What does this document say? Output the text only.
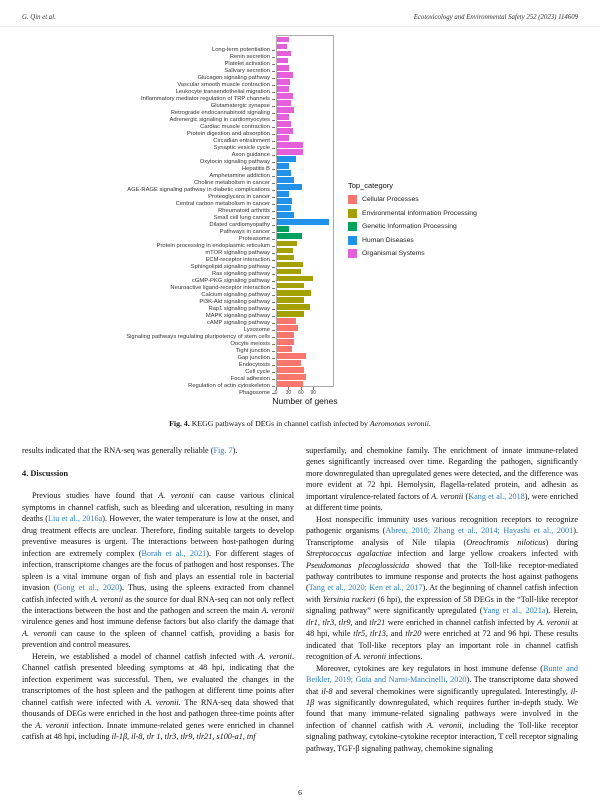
G. Qin et al.	Ecotoxicology and Environmental Safety 252 (2023) 114609
Long-term potentiation
Renin secretion
Platelet activation
Salivary secretion
Glucagon signaling pathway
Vascular smooth muscle contraction
Leukocyte transendothelial migration
Inflammatory mediator regulation of TRP channels
Glutamatergic synapse
Retrograde endocannabinoid signaling
Adrenergic signaling in cardiomyocytes
Cardiac muscle contraction
Protein digestion and absorption
Circadian entrainment
Synaptic vesicle cycle
Axon guidance
Oxytocin signaling pathway
Hepatitis B
Amphetamine addiction
Choline metabolism in cancer
AGE-RAGE signaling pathway in diabetic complications
Proteoglycans in cancer
Central carbon metabolism in cancer
Rheumatoid arthritis
Small cell lung cancer
Dilated cardiomyopathy
Pathways in cancer
Proteasome
Protein processing in endoplasmic reticulum
mTOR signaling pathway
ECM-receptor interaction
Sphingolipid signaling pathway
Ras signaling pathway
cGMP-PKG signaling pathway
Neuroactive ligand-receptor interaction
Calcium signaling pathway
PI3K-Akt signaling pathway
Rap1 signaling pathway
MAPK signaling pathway
cAMP signaling pathway
Lysosome
Signaling pathways regulating pluripotency of stem cells
Oocyte meiosis
Tight junction
Gap junction
Endocytosis
Cell cycle
Focal adhesion
Regulation of actin cytoskeleton
Phagosome
Number of genes
0 30 60 90
Top_category
Cellular Processes
Environmental Information Processing
Genetic Information Processing
Human Diseases
Organismal Systems
Fig. 4. KEGG pathways of DEGs in channel catfish infected by Aeromonas veronii.

results indicated that the RNA-seq was generally reliable (Fig. 7).

4. Discussion

Previous studies have found that A. veronii can cause various clinical symptoms in channel catfish, such as bleeding and ulceration, resulting in many deaths (Liu et al., 2016a). However, the water temperature is low at the onset, and drug treatment effects are unclear. Therefore, finding suitable targets to develop preventive measures is urgent. The interactions between host-pathogen during infection are extremely complex (Borah et al., 2021). For different stages of infection, transcriptome changes are the focus of pathogen and host responses. The spleen is a vital immune organ of fish and plays an essential role in bacterial invasion (Gong et al., 2020). Thus, using the spleens extracted from channel catfish infected with A. veronii as the source for dual RNA-seq can not only reflect the interactions between the host and the pathogen and screen the main A. veronii virulence genes and host immune defense factors but also clarify the damage that A. veronii can cause to the spleen of channel catfish, providing a basis for prevention and control measures.

Herein, we established a model of channel catfish infected with A. veronii. Channel catfish presented bleeding symptoms at 48 hpi, indicating that the infection experiment was successful. Then, we evaluated the changes in the transcriptomes of the host spleen and the pathogen at different time points after channel catfish were infected with A. veronii. The RNA-seq data showed that thousands of DEGs were enriched in the host and pathogen three-time points after the A. veronii infection. Innate immune-related genes were enriched in channel catfish at 48 hpi, including il-1β, il-8, tlr 1, tlr3, tlr9, tlr21, s100-a1, tnf

superfamily, and chemokine family. The enrichment of innate immune-related genes significantly increased over time. Regarding the pathogen, significantly more downregulated than upregulated genes were detected, and the difference was more evident at 72 hpi. Hemolysin, flagella-related protein, and adhesin as important virulence-related factors of A. veronii (Kang et al., 2018), were enriched at different time points.

Host nonspecific immunity uses various recognition receptors to recognize pathogenic organisms (Abreu, 2010; Zhang et al., 2014; Hayashi et al., 2001). Transcriptome analysis of Nile tilapia (Oreochromis niloticus) during Streptococcus agalactiae infection and large yellow croakers infected with Pseudomonas plecoglossicida showed that the Toll-like receptor-mediated pathway contributes to immune response and protects the host against pathogens (Tang et al., 2020; Ken et al., 2017). At the beginning of channel catfish infection with Yersinia ruckeri (6 hpi), the expression of 58 DEGs in the “Toll-like receptor signaling pathway” were significantly upregulated (Yang et al., 2021a). Herein, tlr1, tlr3, tlr9, and tlr21 were enriched in channel catfish infected by A. veronii at 48 hpi, while tlr5, tlr13, and tlr20 were enriched at 72 and 96 hpi. These results indicated that Toll-like receptors play an important role in channel catfish recognition of A. veronii infections.

Moreover, cytokines are key regulators in host immune defense (Bunte and Beikler, 2019; Guia and Narni-Mancinelli, 2020). The transcriptome data showed that il-8 and several chemokines were significantly upregulated. Interestingly, il-1β was significantly downregulated, which requires further in-depth study. We found that many immune-related signaling pathways were involved in the infection of channel catfish with A. veronii, including the Toll-like receptor signaling pathway, cytokine-cytokine receptor interaction, T cell receptor signaling pathway, TGF-β signaling pathway, chemokine signaling

6
